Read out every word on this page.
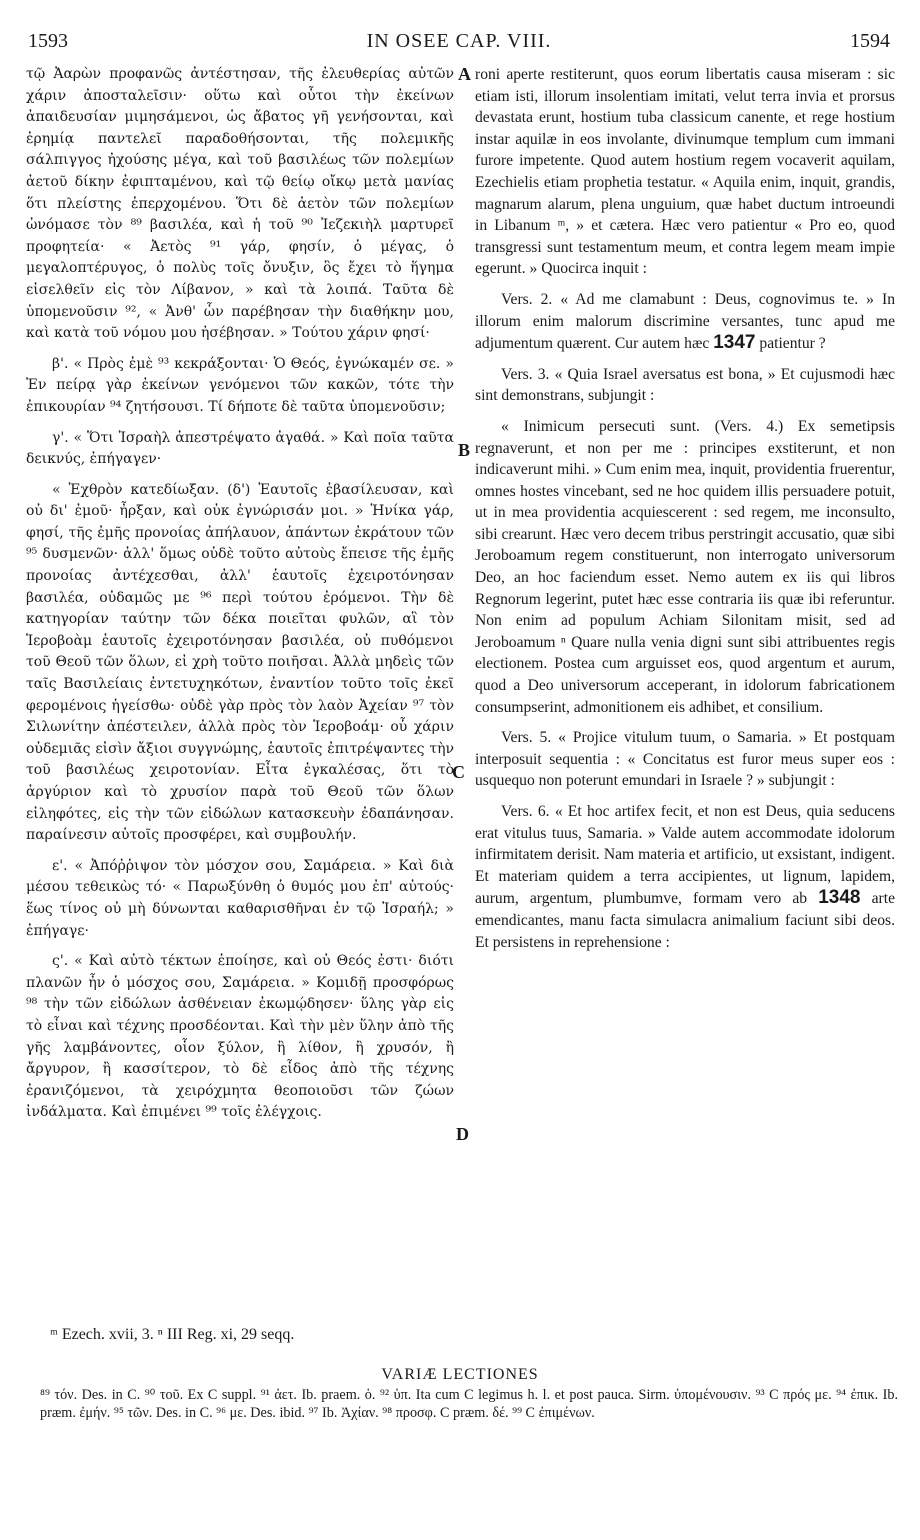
1593	IN OSEE CAP. VIII.	1594

τῷ Ἀαρὼν προφανῶς ἀντέστησαν, τῆς ἐλευθερίας αὐτῶν χάριν ἀποσταλεῖσιν· οὕτω καὶ οὗτοι τὴν ἐκείνων ἀπαιδευσίαν μιμησάμενοι, ὡς ἄβατος γῆ γενήσονται, καὶ ἐρημίᾳ παντελεῖ παραδοθήσονται, τῆς πολεμικῆς σάλπιγγος ἠχούσης μέγα, καὶ τοῦ βασιλέως τῶν πολεμίων ἀετοῦ δίκην ἐφιπταμένου, καὶ τῷ θείῳ οἴκῳ μετὰ μανίας ὅτι πλείστης ἐπερχομένου. Ὅτι δὲ ἀετὸν τῶν πολεμίων ὠνόμασε τὸν ⁸⁹ βασιλέα, καὶ ἡ τοῦ ⁹⁰ Ἰεζεκιὴλ μαρτυρεῖ προφητεία· « Ἀετὸς ⁹¹ γάρ, φησίν, ὁ μέγας, ὁ μεγαλοπτέρυγος, ὁ πολὺς τοῖς ὄνυξιν, ὃς ἔχει τὸ ἥγημα εἰσελθεῖν εἰς τὸν Λίβανον, » καὶ τὰ λοιπά. Ταῦτα δὲ ὑπομενοῦσιν ⁹², « Ἀνθ' ὧν παρέβησαν τὴν διαθήκην μου, καὶ κατὰ τοῦ νόμου μου ἠσέβησαν. » Τούτου χάριν φησί·

β'. « Πρὸς ἐμὲ ⁹³ κεκράξονται· Ὁ Θεός, ἐγνώκαμέν σε. » Ἐν πείρᾳ γὰρ ἐκείνων γενόμενοι τῶν κακῶν, τότε τὴν ἐπικουρίαν ⁹⁴ ζητήσουσι. Τί δήποτε δὲ ταῦτα ὑπομενοῦσιν;

γ'. « Ὅτι Ἰσραὴλ ἀπεστρέψατο ἀγαθά. » Καὶ ποῖα ταῦτα δεικνύς, ἐπήγαγεν·

« Ἐχθρὸν κατεδίωξαν. (δ') Ἑαυτοῖς ἐβασίλευσαν, καὶ οὐ δι' ἐμοῦ· ἦρξαν, καὶ οὐκ ἐγνώρισάν μοι. » Ἡνίκα γάρ, φησί, τῆς ἐμῆς προνοίας ἀπήλαυον, ἁπάντων ἐκράτουν τῶν ⁹⁵ δυσμενῶν· ἀλλ' ὅμως οὐδὲ τοῦτο αὐτοὺς ἔπεισε τῆς ἐμῆς προνοίας ἀντέχεσθαι, ἀλλ' ἑαυτοῖς ἐχειροτόνησαν βασιλέα, οὐδαμῶς με ⁹⁶ περὶ τούτου ἐρόμενοι. Τὴν δὲ κατηγορίαν ταύτην τῶν δέκα ποιεῖται φυλῶν, αἳ τὸν Ἱεροβοὰμ ἑαυτοῖς ἐχειροτόνησαν βασιλέα, οὐ πυθόμενοι τοῦ Θεοῦ τῶν ὅλων, εἰ χρὴ τοῦτο ποιῆσαι. Ἀλλὰ μηδεὶς τῶν ταῖς Βασιλείαις ἐντετυχηκότων, ἐναντίον τοῦτο τοῖς ἐκεῖ φερομένοις ἡγείσθω· οὐδὲ γὰρ πρὸς τὸν λαὸν Ἀχείαν ⁹⁷ τὸν Σιλωνίτην ἀπέστειλεν, ἀλλὰ πρὸς τὸν Ἱεροβοάμ· οὗ χάριν οὐδεμιᾶς εἰσὶν ἄξιοι συγγνώμης, ἑαυτοῖς ἐπιτρέψαντες τὴν τοῦ βασιλέως χειροτονίαν. Εἶτα ἐγκαλέσας, ὅτι τὸ ἀργύριον καὶ τὸ χρυσίον παρὰ τοῦ Θεοῦ τῶν ὅλων εἰληφότες, εἰς τὴν τῶν εἰδώλων κατασκευὴν ἐδαπάνησαν. παραίνεσιν αὐτοῖς προσφέρει, καὶ συμβουλήν.

ε'. « Ἀπόῤῥιψον τὸν μόσχον σου, Σαμάρεια. » Καὶ διὰ μέσου τεθεικὼς τό· « Παρωξύνθη ὁ θυμός μου ἐπ' αὐτούς· ἕως τίνος οὐ μὴ δύνωνται καθαρισθῆναι ἐν τῷ Ἰσραήλ; » ἐπήγαγε·

ς'. « Καὶ αὐτὸ τέκτων ἐποίησε, καὶ οὐ Θεός ἐστι· διότι πλανῶν ἦν ὁ μόσχος σου, Σαμάρεια. » Κομιδῇ προσφόρως ⁹⁸ τὴν τῶν εἰδώλων ἀσθένειαν ἐκωμῴδησεν· ὕλης γὰρ εἰς τὸ εἶναι καὶ τέχνης προσδέονται. Καὶ τὴν μὲν ὕλην ἀπὸ τῆς γῆς λαμβάνοντες, οἷον ξύλον, ἢ λίθον, ἢ χρυσόν, ἢ ἄργυρον, ἢ κασσίτερον, τὸ δὲ εἶδος ἀπὸ τῆς τέχνης ἐρανιζόμενοι, τὰ χειρόχμητα θεοποιοῦσι τῶν ζώων ἰνδάλματα. Καὶ ἐπιμένει ⁹⁹ τοῖς ἐλέγχοις.

A
B
C
D

roni aperte restiterunt, quos eorum libertatis causa miseram : sic etiam isti, illorum insolentiam imitati, velut terra invia et prorsus devastata erunt, hostium tuba classicum canente, et rege hostium instar aquilæ in eos involante, divinumque templum cum immani furore impetente. Quod autem hostium regem vocaverit aquilam, Ezechielis etiam prophetia testatur. « Aquila enim, inquit, grandis, magnarum alarum, plena unguium, quæ habet ductum introeundi in Libanum ᵐ, » et cætera. Hæc vero patientur « Pro eo, quod transgressi sunt testamentum meum, et contra legem meam impie egerunt. » Quocirca inquit :

Vers. 2. « Ad me clamabunt : Deus, cognovimus te. » In illorum enim malorum discrimine versantes, tunc apud me adjumentum quærent. Cur autem hæc 1347 patientur ?

Vers. 3. « Quia Israel aversatus est bona, » Et cujusmodi hæc sint demonstrans, subjungit :

« Inimicum persecuti sunt. (Vers. 4.) Ex semetipsis regnaverunt, et non per me : principes exstiterunt, et non indicaverunt mihi. » Cum enim mea, inquit, providentia fruerentur, omnes hostes vincebant, sed ne hoc quidem illis persuadere potuit, ut in mea providentia acquiescerent : sed regem, me inconsulto, sibi crearunt. Hæc vero decem tribus perstringit accusatio, quæ sibi Jeroboamum regem constituerunt, non interrogato universorum Deo, an hoc faciendum esset. Nemo autem ex iis qui libros Regnorum legerint, putet hæc esse contraria iis quæ ibi referuntur. Non enim ad populum Achiam Silonitam misit, sed ad Jeroboamum ⁿ Quare nulla venia digni sunt sibi attribuentes regis electionem. Postea cum arguisset eos, quod argentum et aurum, quod a Deo universorum acceperant, in idolorum fabricationem consumpserint, admonitionem eis adhibet, et consilium.

Vers. 5. « Projice vitulum tuum, o Samaria. » Et postquam interposuit sequentia : « Concitatus est furor meus super eos : usquequo non poterunt emundari in Israele ? » subjungit :

Vers. 6. « Et hoc artifex fecit, et non est Deus, quia seducens erat vitulus tuus, Samaria. » Valde autem accommodate idolorum infirmitatem derisit. Nam materia et artificio, ut exsistant, indigent. Et materiam quidem a terra accipientes, ut lignum, lapidem, aurum, argentum, plumbumve, formam vero ab 1348 arte emendicantes, manu facta simulacra animalium faciunt sibi deos. Et persistens in reprehensione :

ᵐ Ezech. xvii, 3. ⁿ III Reg. xi, 29 seqq.
VARIÆ LECTIONES
⁸⁹ τόν. Des. in C. ⁹⁰ τοῦ. Ex C suppl. ⁹¹ ἀετ. Ib. praem. ὁ. ⁹² ὑπ. Ita cum C legimus h. l. et post pauca. Sirm. ὑπομένουσιν. ⁹³ C πρός με. ⁹⁴ ἐπικ. Ib. præm. ἐμήν. ⁹⁵ τῶν. Des. in C. ⁹⁶ με. Des. ibid. ⁹⁷ Ib. Ἀχίαν. ⁹⁸ προσφ. C præm. δέ. ⁹⁹ C ἐπιμένων.
